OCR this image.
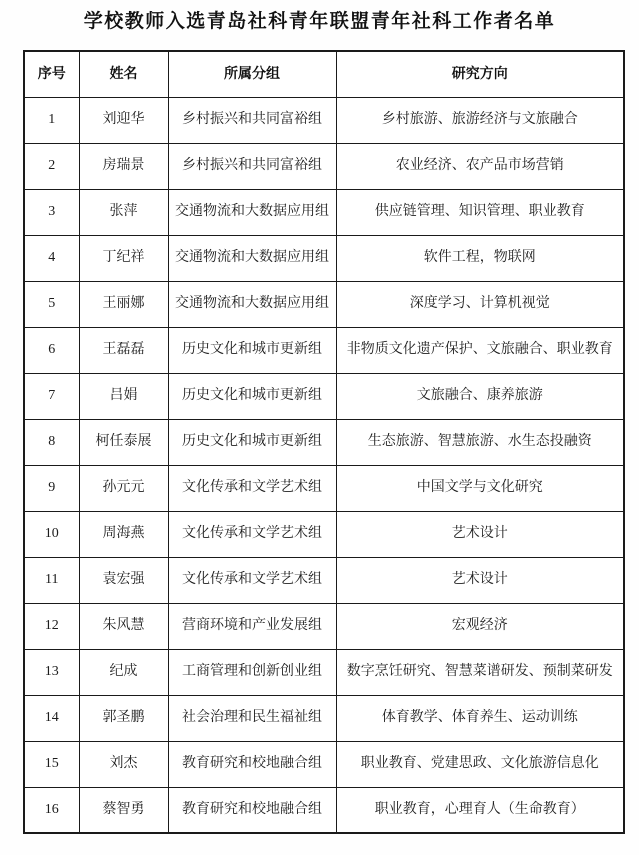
学校教师入选青岛社科青年联盟青年社科工作者名单
序号	姓名	所属分组	研究方向
1	刘迎华	乡村振兴和共同富裕组	乡村旅游、旅游经济与文旅融合
2	房瑞景	乡村振兴和共同富裕组	农业经济、农产品市场营销
3	张萍	交通物流和大数据应用组	供应链管理、知识管理、职业教育
4	丁纪祥	交通物流和大数据应用组	软件工程，物联网
5	王丽娜	交通物流和大数据应用组	深度学习、计算机视觉
6	王磊磊	历史文化和城市更新组	非物质文化遗产保护、文旅融合、职业教育
7	吕娟	历史文化和城市更新组	文旅融合、康养旅游
8	柯任泰展	历史文化和城市更新组	生态旅游、智慧旅游、水生态投融资
9	孙元元	文化传承和文学艺术组	中国文学与文化研究
10	周海燕	文化传承和文学艺术组	艺术设计
11	袁宏强	文化传承和文学艺术组	艺术设计
12	朱风慧	营商环境和产业发展组	宏观经济
13	纪成	工商管理和创新创业组	数字烹饪研究、智慧菜谱研发、预制菜研发
14	郭圣鹏	社会治理和民生福祉组	体育教学、体育养生、运动训练
15	刘杰	教育研究和校地融合组	职业教育、党建思政、文化旅游信息化
16	蔡智勇	教育研究和校地融合组	职业教育，心理育人（生命教育）
